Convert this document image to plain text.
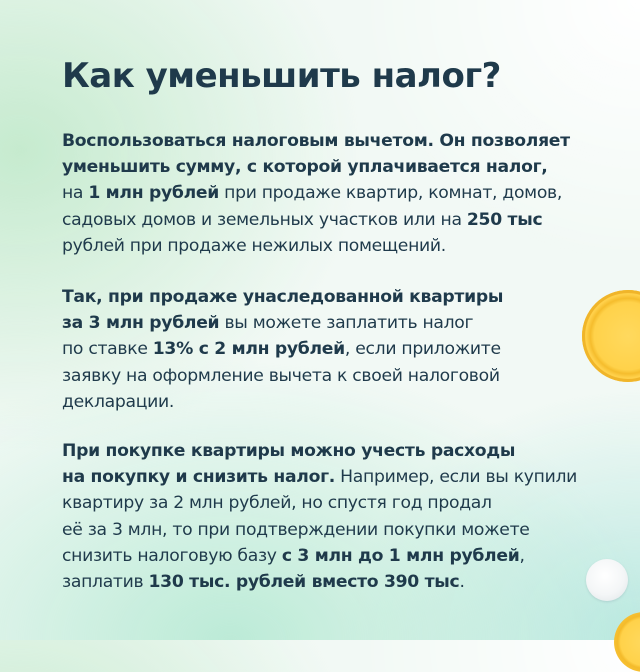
Как уменьшить налог?

Воспользоваться налоговым вычетом. Он позволяет
уменьшить сумму, с которой уплачивается налог,
на 1 млн рублей при продаже квартир, комнат, домов,
садовых домов и земельных участков или на 250 тыс
рублей при продаже нежилых помещений.

Так, при продаже унаследованной квартиры
за 3 млн рублей вы можете заплатить налог
по ставке 13% с 2 млн рублей, если приложите
заявку на оформление вычета к своей налоговой
декларации.

При покупке квартиры можно учесть расходы
на покупку и снизить налог. Например, если вы купили
квартиру за 2 млн рублей, но спустя год продал
её за 3 млн, то при подтверждении покупки можете
снизить налоговую базу с 3 млн до 1 млн рублей,
заплатив 130 тыс. рублей вместо 390 тыс.
